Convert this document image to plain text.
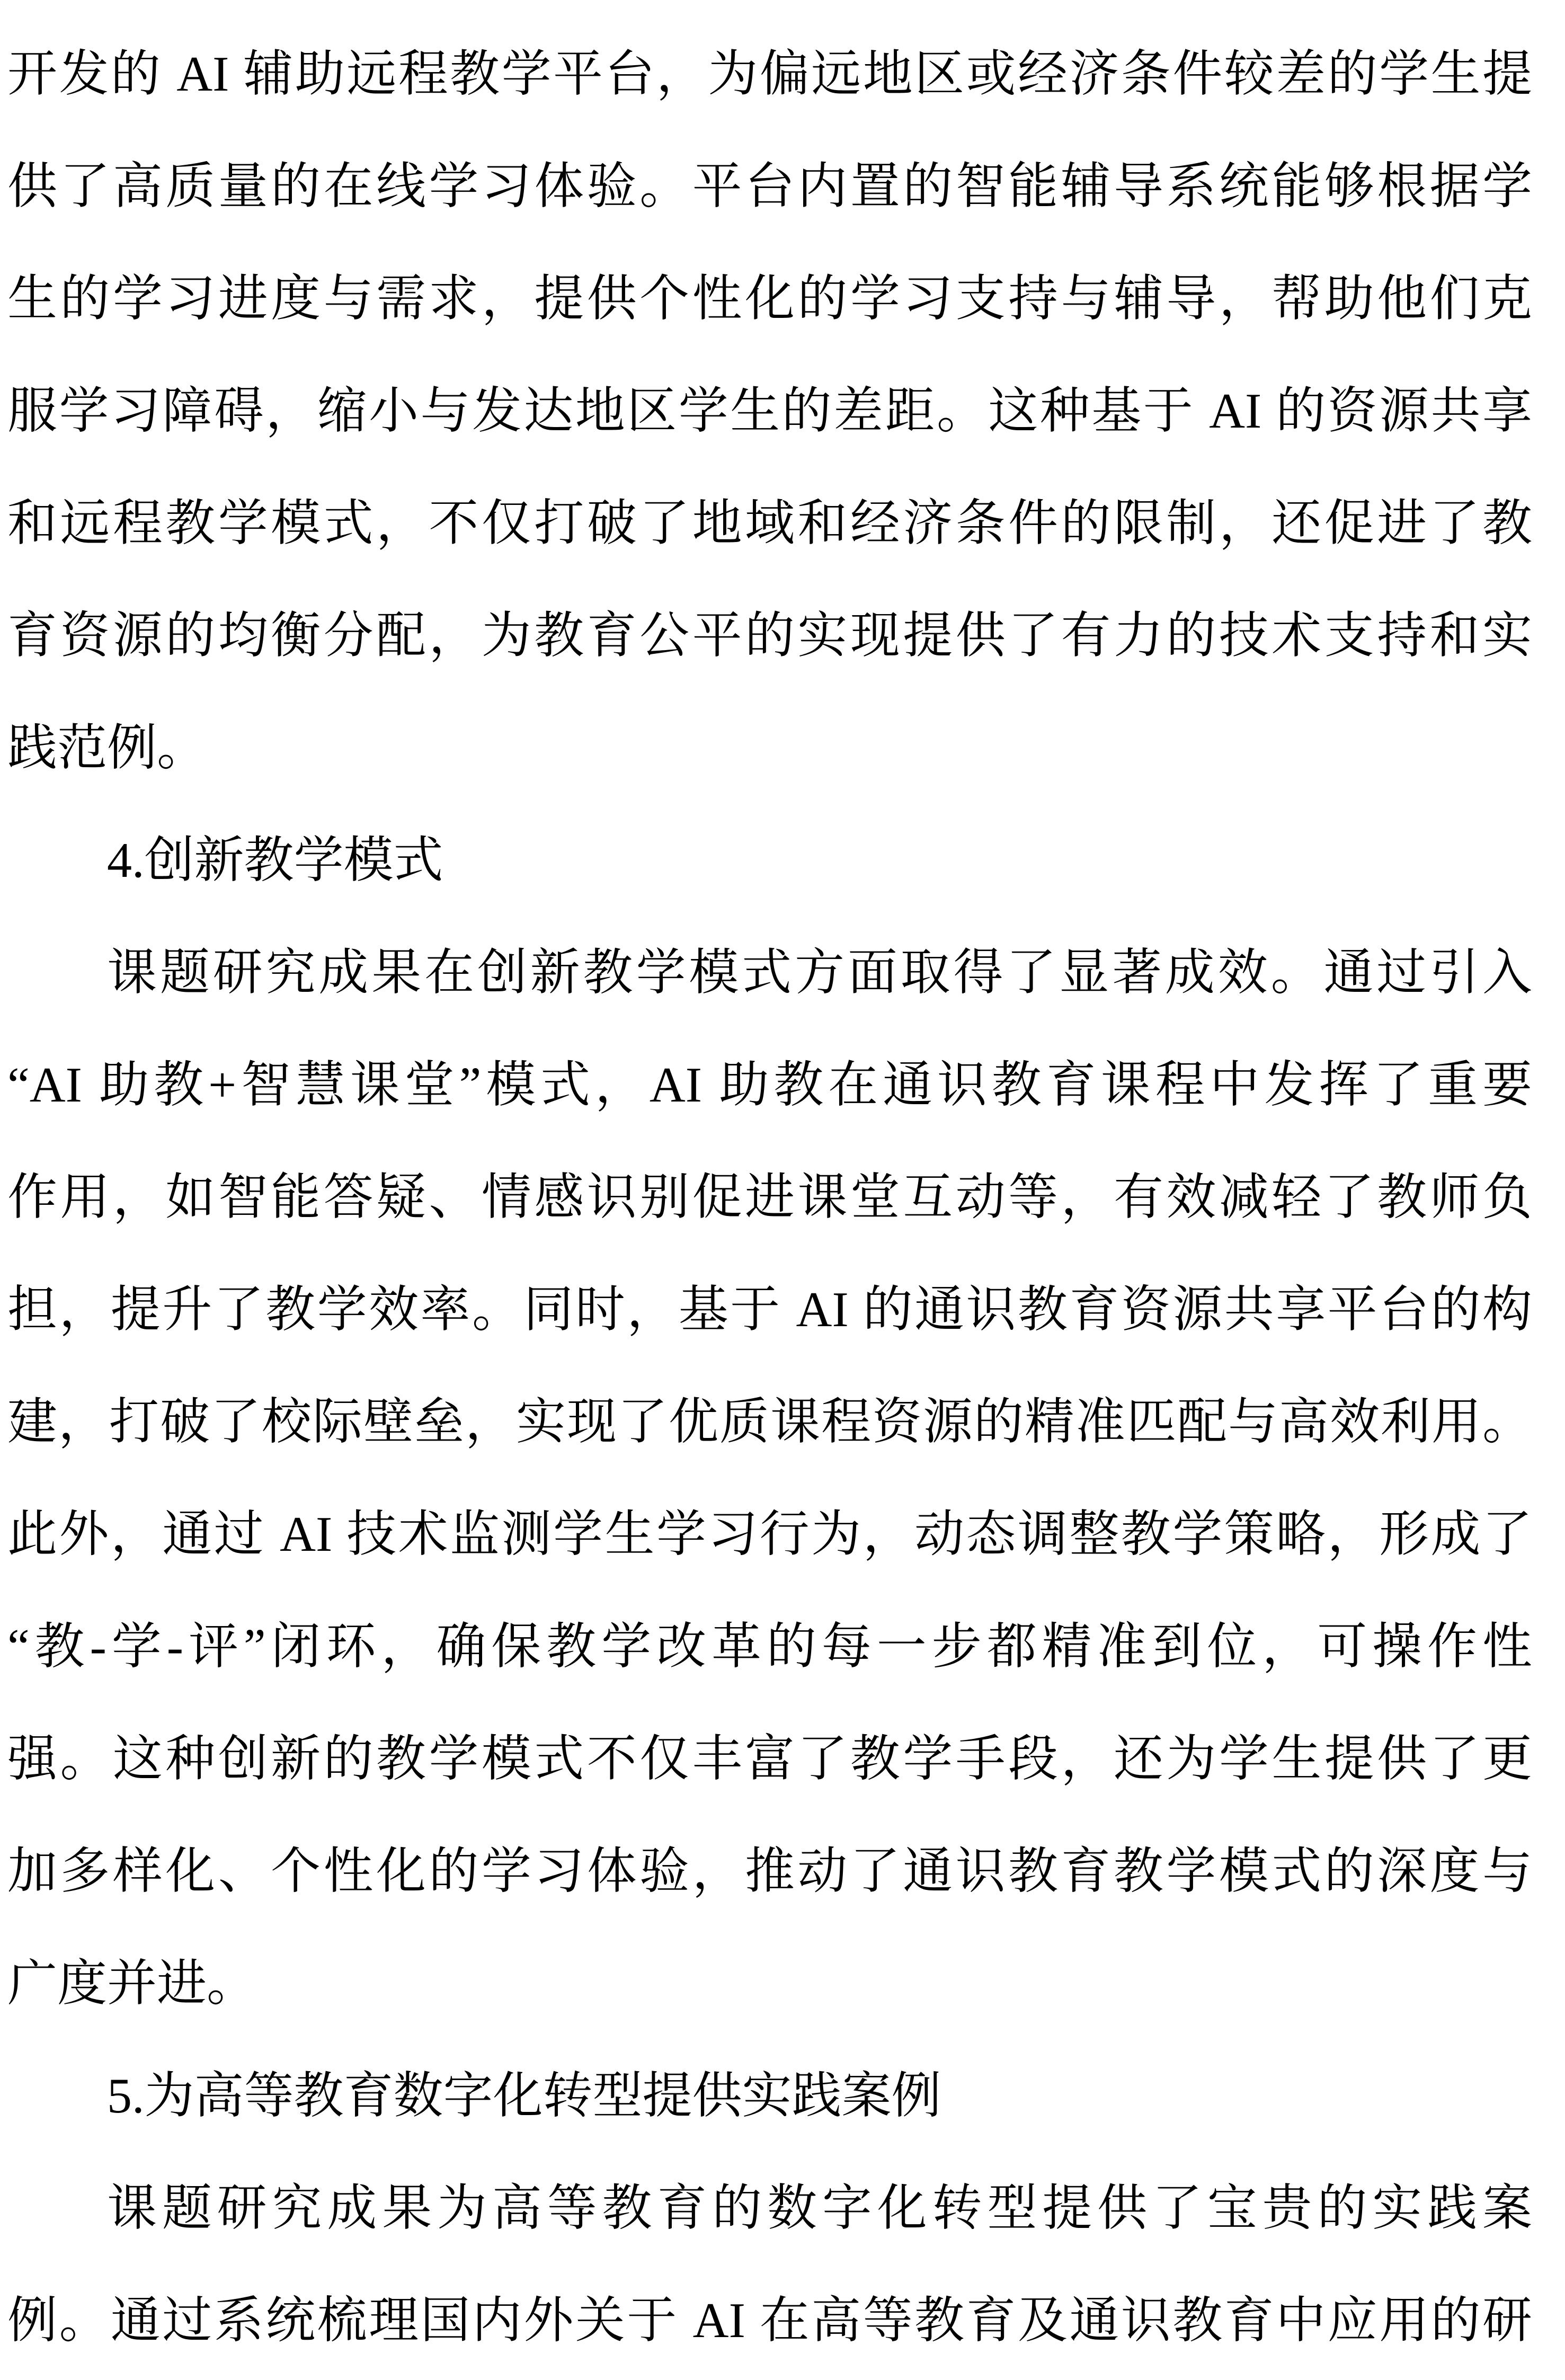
开发的 AI 辅助远程教学平台，为偏远地区或经济条件较差的学生提
供了高质量的在线学习体验。平台内置的智能辅导系统能够根据学
生的学习进度与需求，提供个性化的学习支持与辅导，帮助他们克
服学习障碍，缩小与发达地区学生的差距。这种基于 AI 的资源共享
和远程教学模式，不仅打破了地域和经济条件的限制，还促进了教
育资源的均衡分配，为教育公平的实现提供了有力的技术支持和实
践范例。
4.创新教学模式
课题研究成果在创新教学模式方面取得了显著成效。通过引入
“AI 助教+智慧课堂”模式，AI 助教在通识教育课程中发挥了重要
作用，如智能答疑、情感识别促进课堂互动等，有效减轻了教师负
担，提升了教学效率。同时，基于 AI 的通识教育资源共享平台的构
建，打破了校际壁垒，实现了优质课程资源的精准匹配与高效利用。
此外，通过 AI 技术监测学生学习行为，动态调整教学策略，形成了
“教-学-评”闭环，确保教学改革的每一步都精准到位，可操作性
强。这种创新的教学模式不仅丰富了教学手段，还为学生提供了更
加多样化、个性化的学习体验，推动了通识教育教学模式的深度与
广度并进。
5.为高等教育数字化转型提供实践案例
课题研究成果为高等教育的数字化转型提供了宝贵的实践案
例。通过系统梳理国内外关于 AI 在高等教育及通识教育中应用的研
